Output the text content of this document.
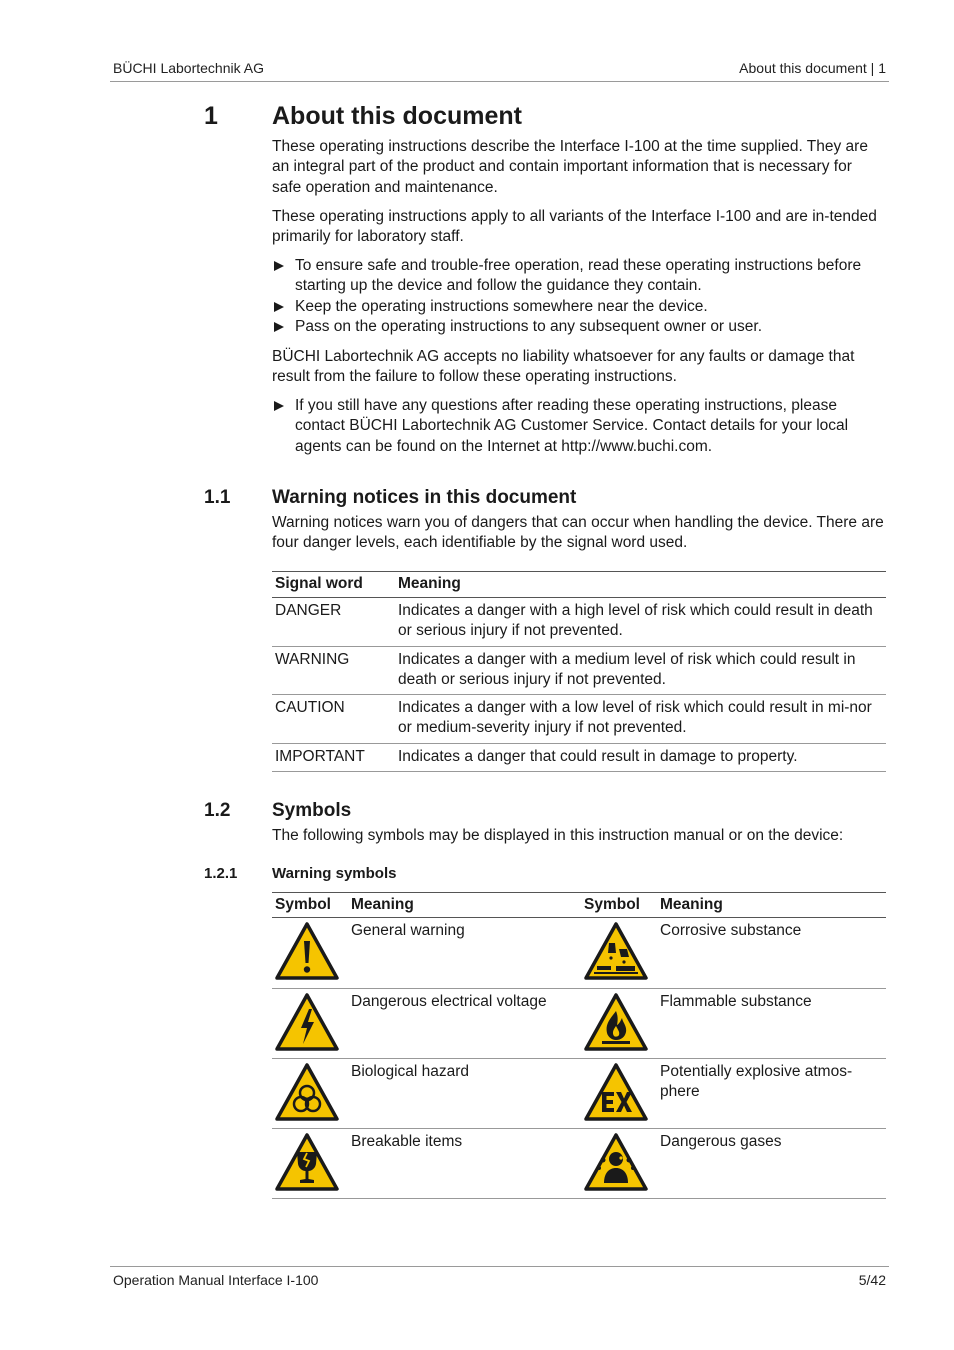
BÜCHI Labortechnik AG	About this document | 1
1 About this document
These operating instructions describe the Interface I-100 at the time supplied. They are an integral part of the product and contain important information that is necessary for safe operation and maintenance.
These operating instructions apply to all variants of the Interface I-100 and are in-tended primarily for laboratory staff.
To ensure safe and trouble-free operation, read these operating instructions before starting up the device and follow the guidance they contain.
Keep the operating instructions somewhere near the device.
Pass on the operating instructions to any subsequent owner or user.
BÜCHI Labortechnik AG accepts no liability whatsoever for any faults or damage that result from the failure to follow these operating instructions.
If you still have any questions after reading these operating instructions, please contact BÜCHI Labortechnik AG Customer Service. Contact details for your local agents can be found on the Internet at http://www.buchi.com.
1.1 Warning notices in this document
Warning notices warn you of dangers that can occur when handling the device. There are four danger levels, each identifiable by the signal word used.
Signal word	Meaning
DANGER	Indicates a danger with a high level of risk which could result in death or serious injury if not prevented.
WARNING	Indicates a danger with a medium level of risk which could result in death or serious injury if not prevented.
CAUTION	Indicates a danger with a low level of risk which could result in mi-nor or medium-severity injury if not prevented.
IMPORTANT	Indicates a danger that could result in damage to property.
1.2 Symbols
The following symbols may be displayed in this instruction manual or on the device:
1.2.1 Warning symbols
Symbol	Meaning	Symbol	Meaning
	General warning		Corrosive substance
	Dangerous electrical voltage		Flammable substance
	Biological hazard		Potentially explosive atmos-phere
	Breakable items		Dangerous gases
Operation Manual Interface I-100	5/42
